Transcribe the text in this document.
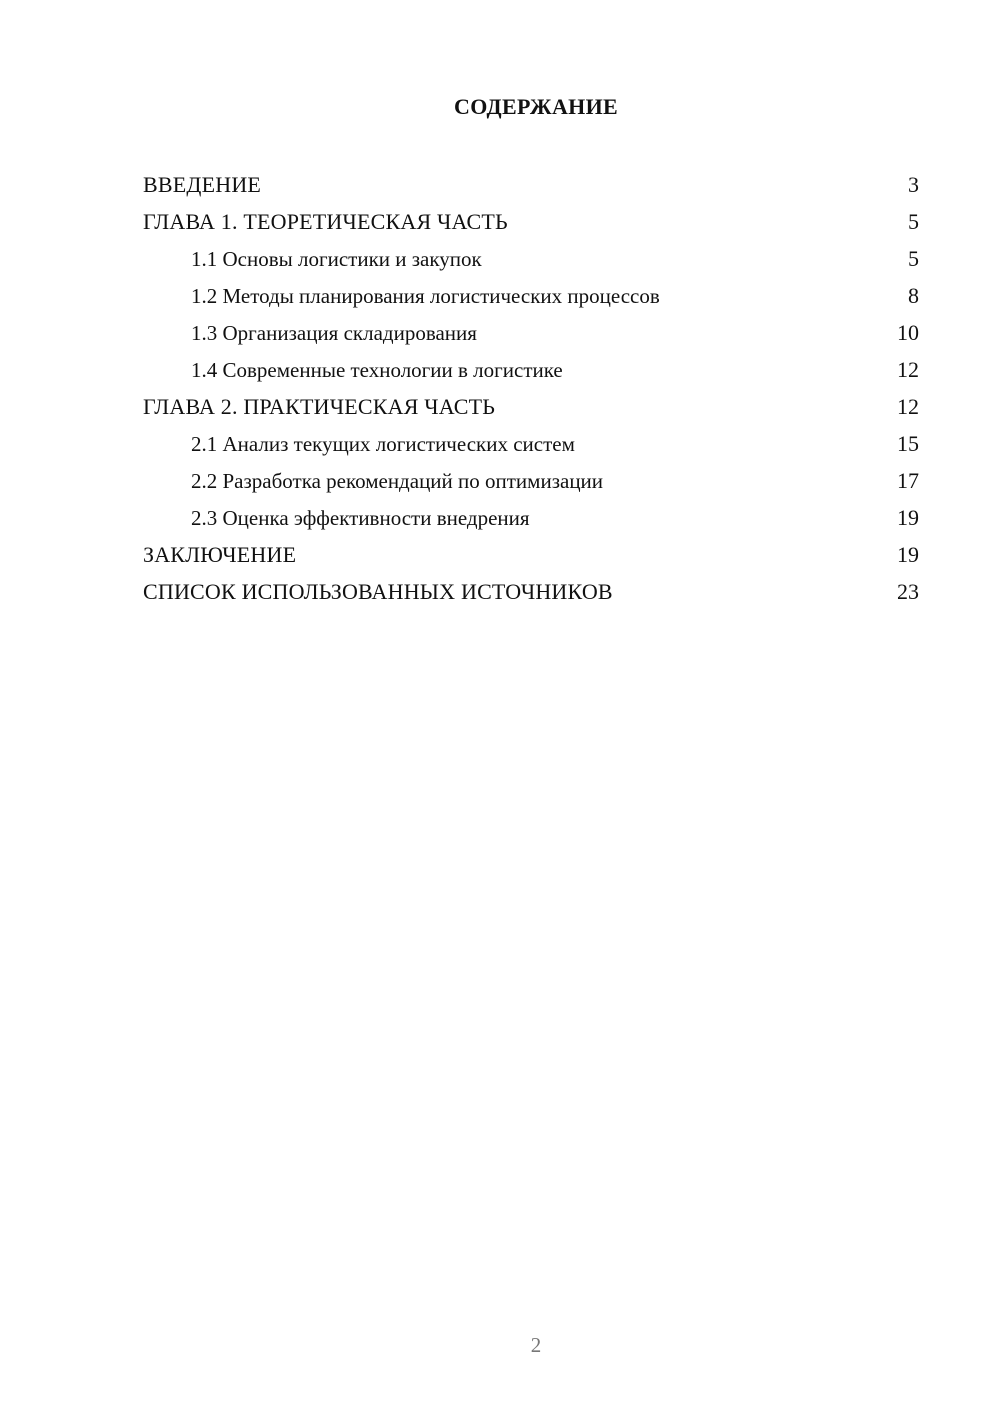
СОДЕРЖАНИЕ
ВВЕДЕНИЕ	3
ГЛАВА 1. ТЕОРЕТИЧЕСКАЯ ЧАСТЬ	5
1.1 Основы логистики и закупок	5
1.2 Методы планирования логистических процессов	8
1.3 Организация складирования	10
1.4 Современные технологии в логистике	12
ГЛАВА 2. ПРАКТИЧЕСКАЯ ЧАСТЬ	12
2.1 Анализ текущих логистических систем	15
2.2 Разработка рекомендаций по оптимизации	17
2.3 Оценка эффективности внедрения	19
ЗАКЛЮЧЕНИЕ	19
СПИСОК ИСПОЛЬЗОВАННЫХ ИСТОЧНИКОВ	23
2
